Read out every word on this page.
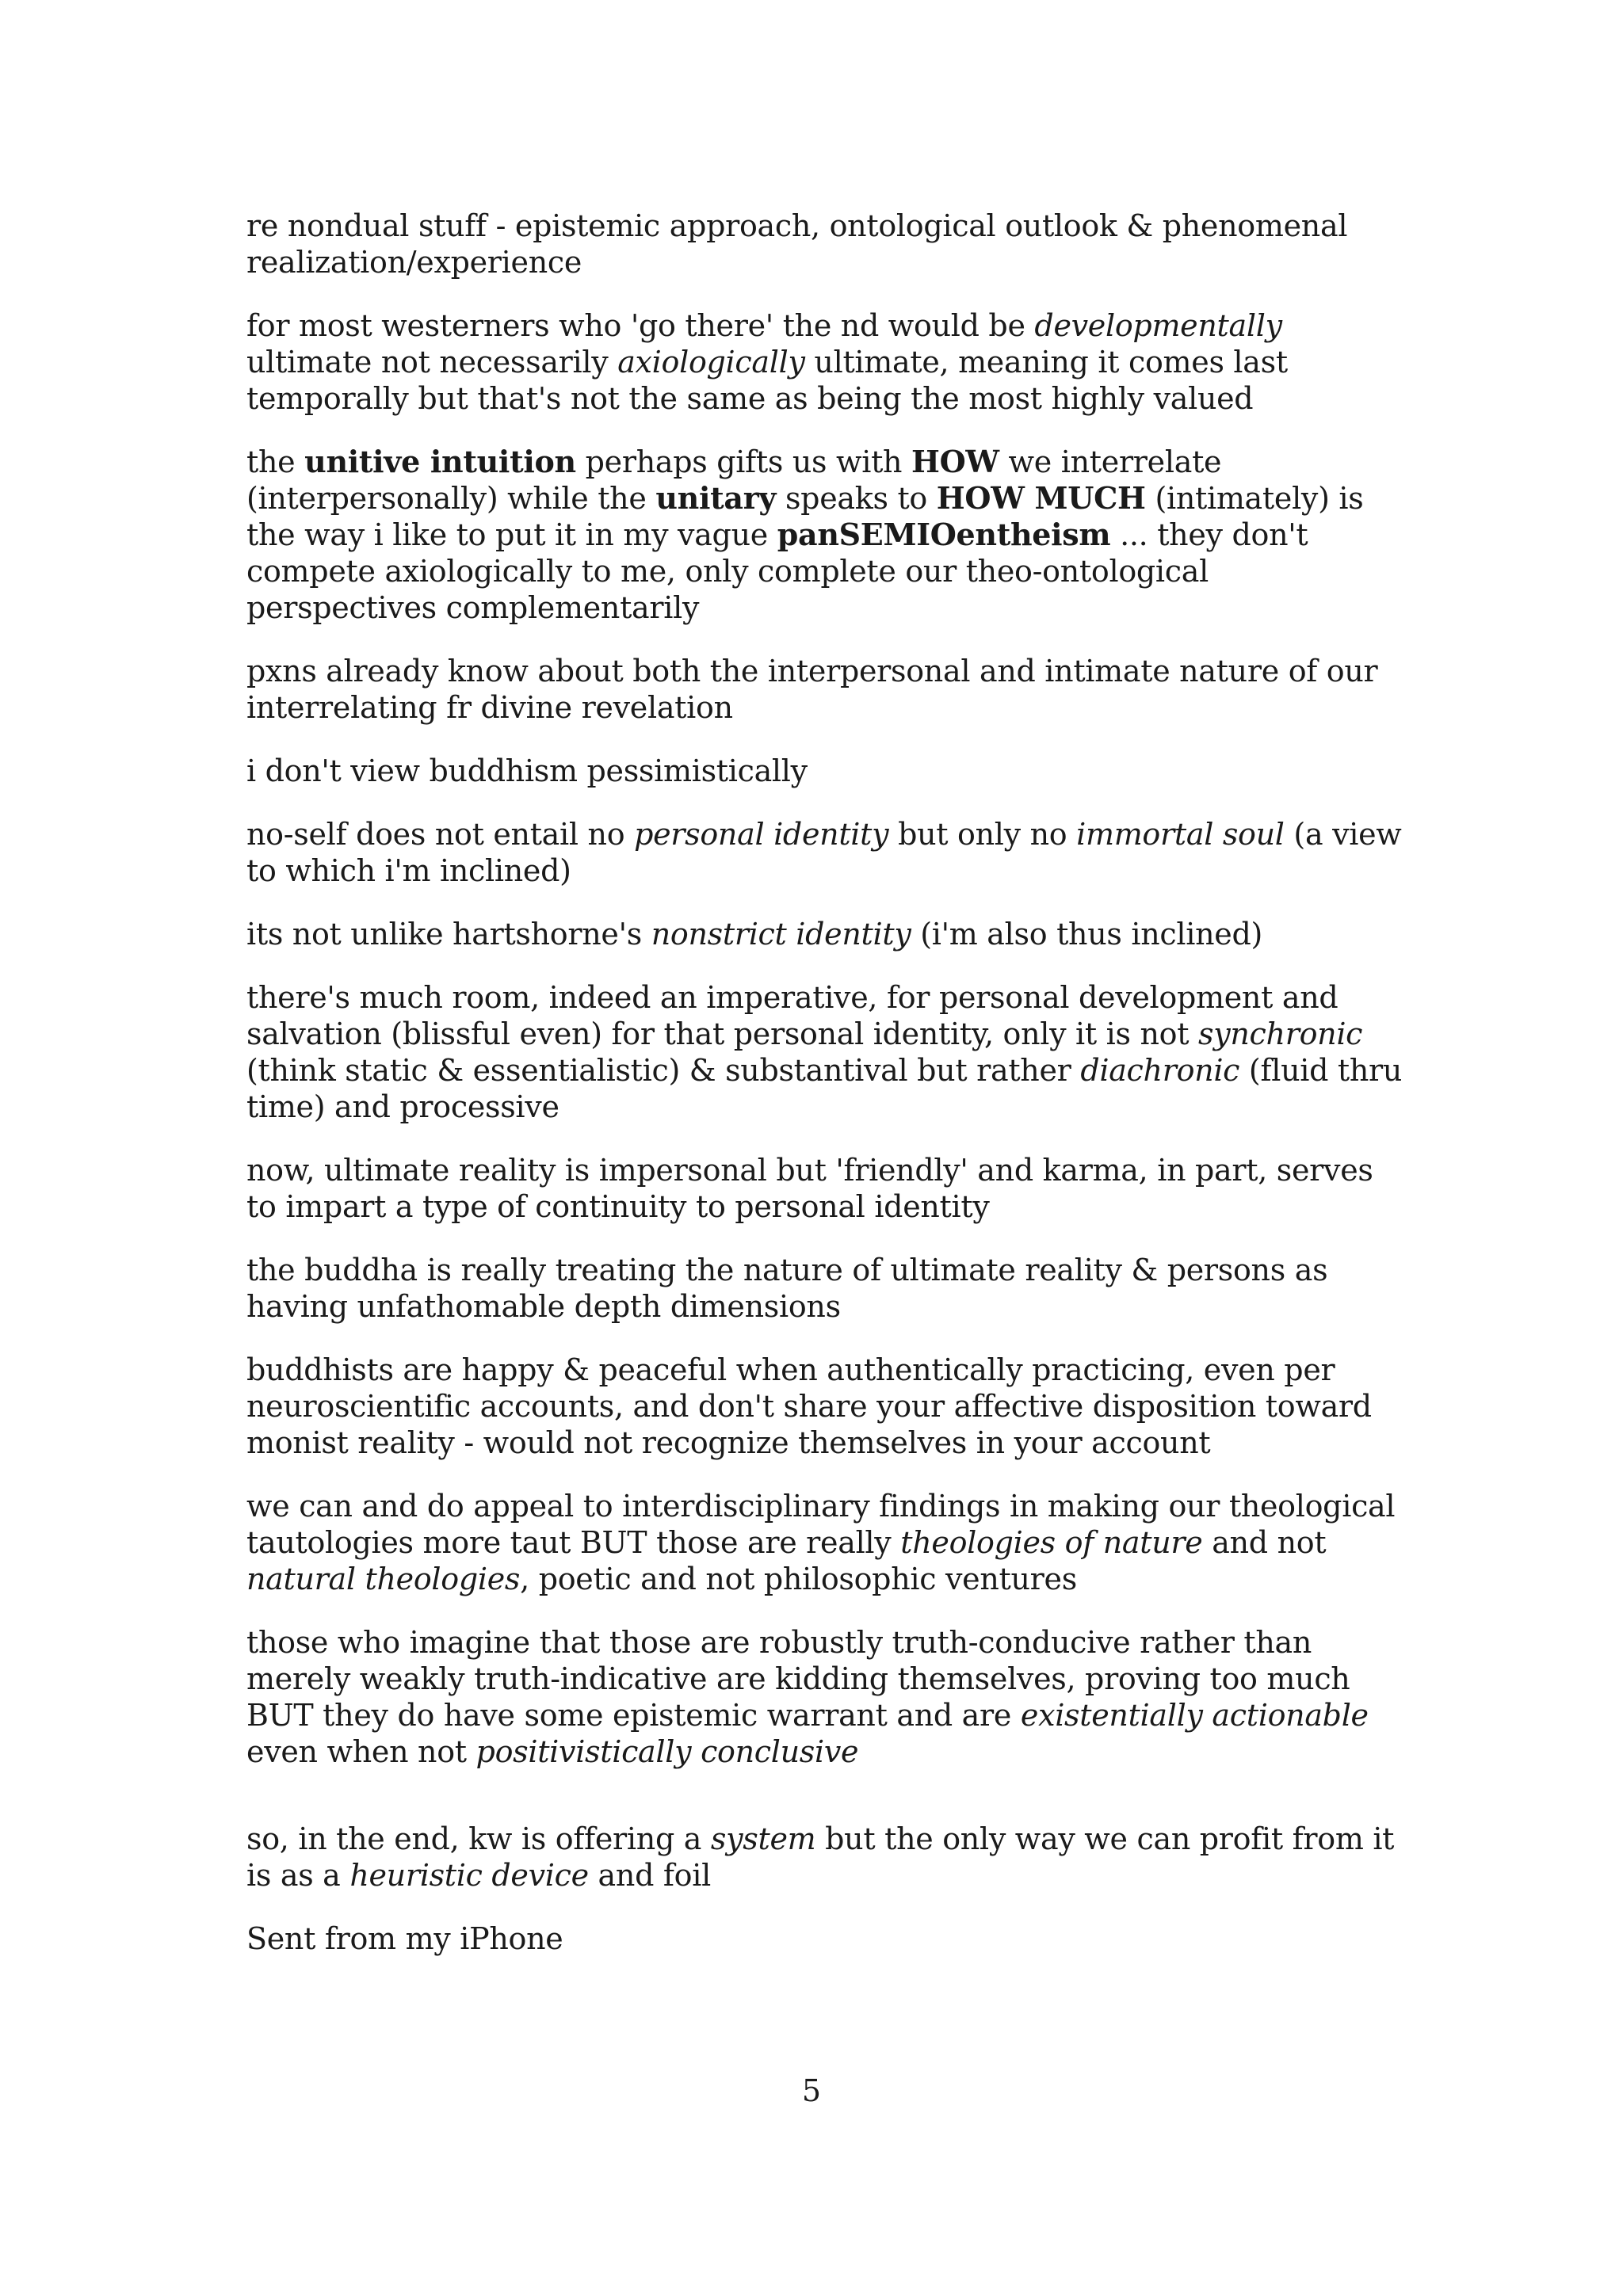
re nondual stuff - epistemic approach, ontological outlook & phenomenal realization/experience

for most westerners who 'go there' the nd would be developmentally ultimate not necessarily axiologically ultimate, meaning it comes last temporally but that's not the same as being the most highly valued

the unitive intuition perhaps gifts us with HOW we interrelate (interpersonally) while the unitary speaks to HOW MUCH (intimately) is the way i like to put it in my vague panSEMIOentheism ... they don't compete axiologically to me, only complete our theo-ontological perspectives complementarily

pxns already know about both the interpersonal and intimate nature of our interrelating fr divine revelation

i don't view buddhism pessimistically

no-self does not entail no personal identity but only no immortal soul (a view to which i'm inclined)

its not unlike hartshorne's nonstrict identity (i'm also thus inclined)

there's much room, indeed an imperative, for personal development and salvation (blissful even) for that personal identity, only it is not synchronic (think static & essentialistic) & substantival but rather diachronic (fluid thru time) and processive

now, ultimate reality is impersonal but 'friendly' and karma, in part, serves to impart a type of continuity to personal identity

the buddha is really treating the nature of ultimate reality & persons as having unfathomable depth dimensions

buddhists are happy & peaceful when authentically practicing, even per neuroscientific accounts, and don't share your affective disposition toward monist reality - would not recognize themselves in your account

we can and do appeal to interdisciplinary findings in making our theological tautologies more taut BUT those are really theologies of nature and not natural theologies, poetic and not philosophic ventures

those who imagine that those are robustly truth-conducive rather than merely weakly truth-indicative are kidding themselves, proving too much BUT they do have some epistemic warrant and are existentially actionable even when not positivistically conclusive

so, in the end, kw is offering a system but the only way we can profit from it is as a heuristic device and foil

Sent from my iPhone

5
